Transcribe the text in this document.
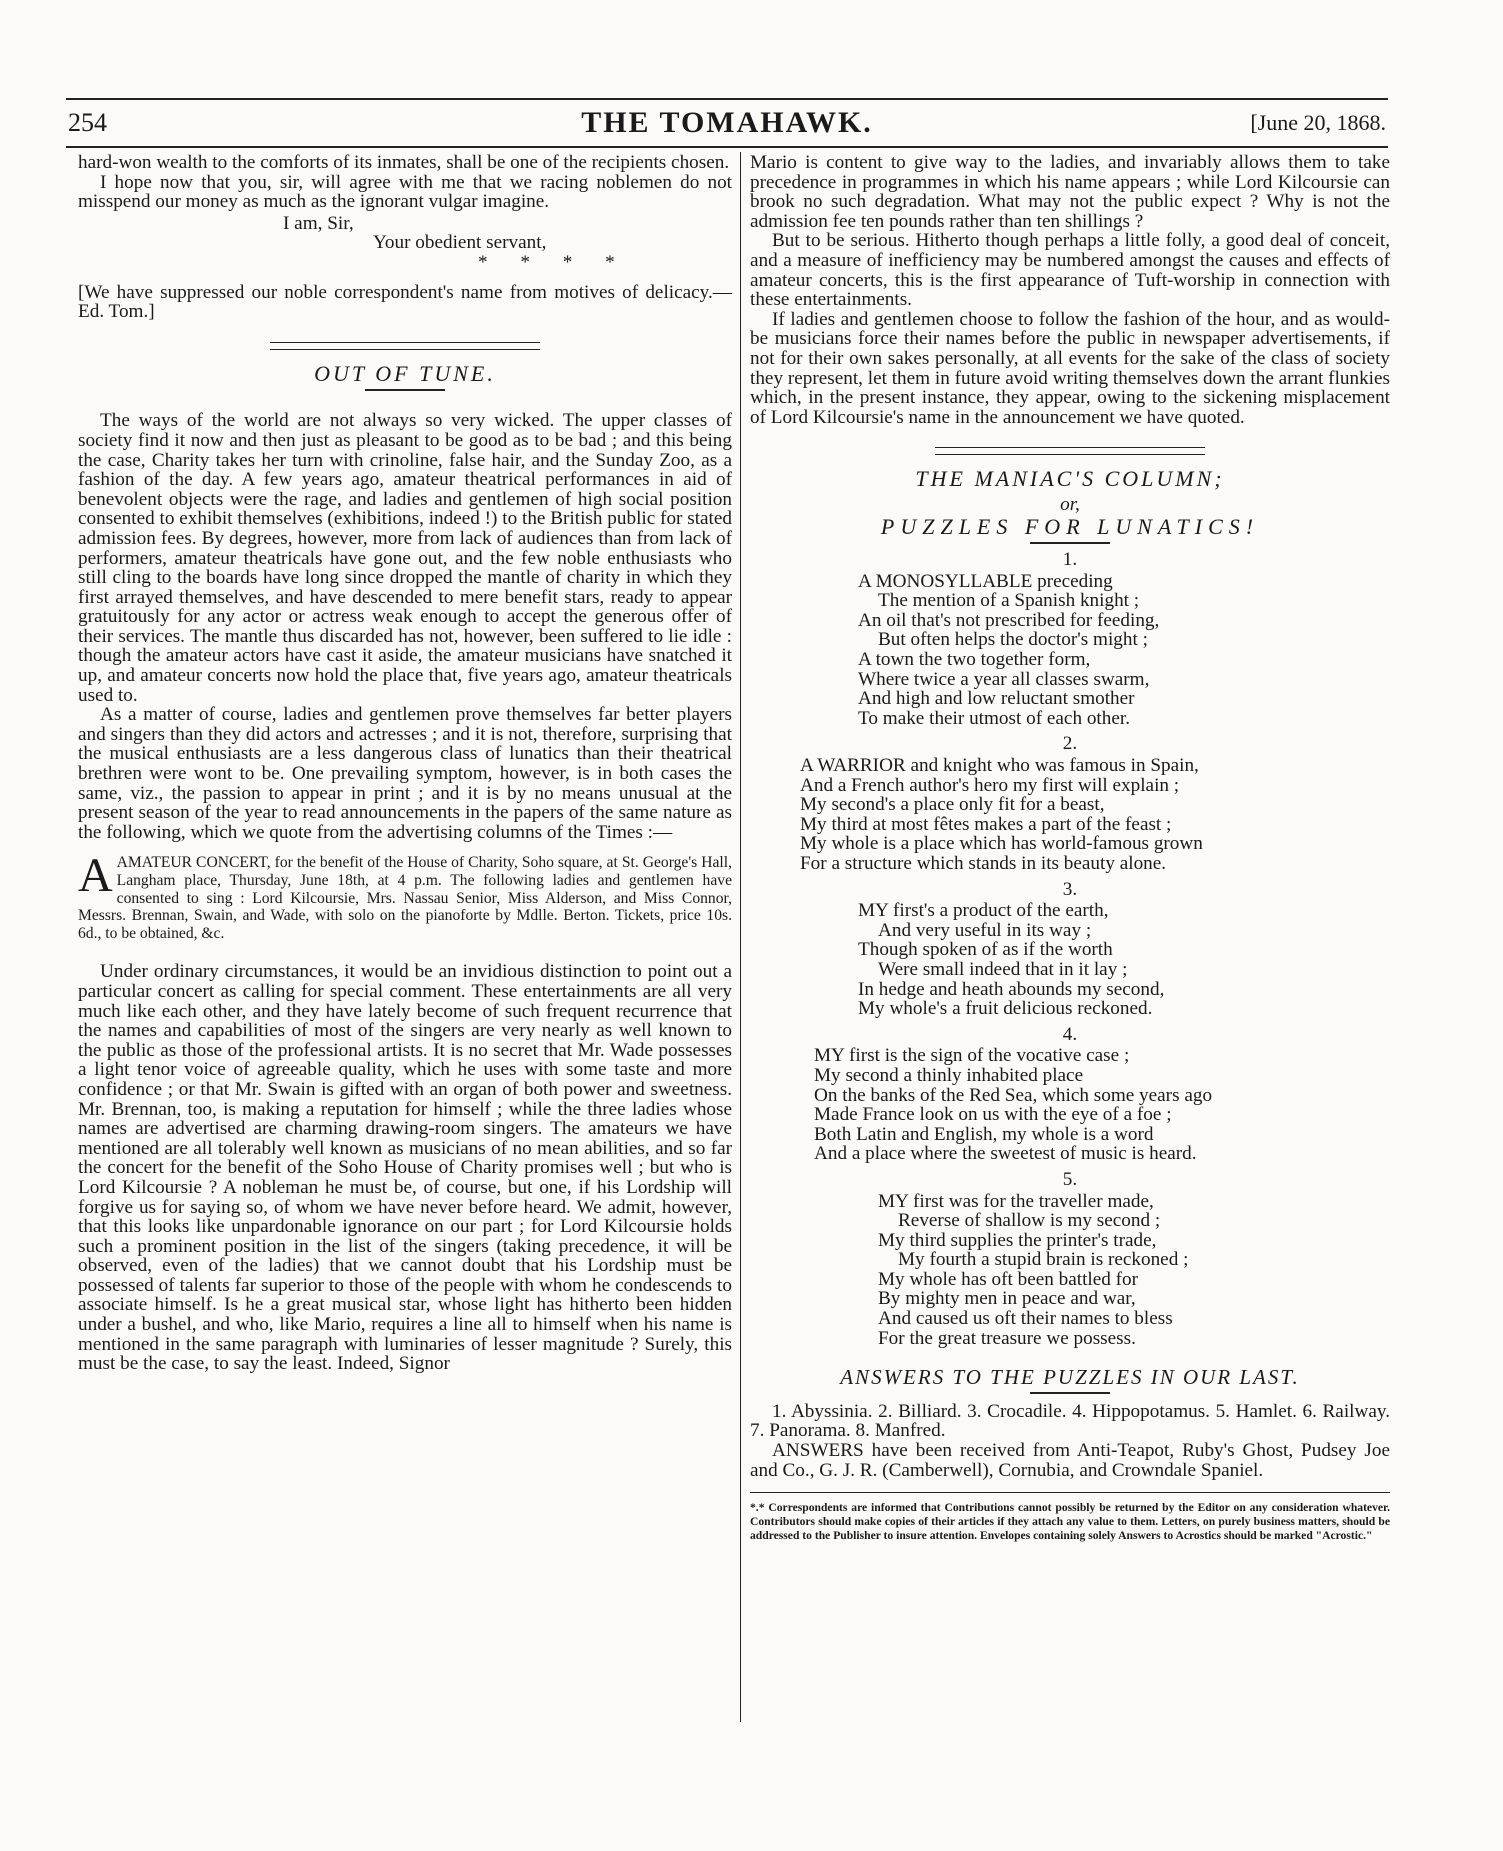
254	THE TOMAHAWK.	[June 20, 1868.

hard-won wealth to the comforts of its inmates, shall be one of the recipients chosen.

I hope now that you, sir, will agree with me that we racing noblemen do not misspend our money as much as the ignorant vulgar imagine.

I am, Sir,
Your obedient servant,
* * * *

[We have suppressed our noble correspondent's name from motives of delicacy.—Ed. Tom.]

OUT OF TUNE.

The ways of the world are not always so very wicked. The upper classes of society find it now and then just as pleasant to be good as to be bad ; and this being the case, Charity takes her turn with crinoline, false hair, and the Sunday Zoo, as a fashion of the day. A few years ago, amateur theatrical performances in aid of benevolent objects were the rage, and ladies and gentlemen of high social position consented to exhibit themselves (exhibitions, indeed !) to the British public for stated admission fees. By degrees, however, more from lack of audiences than from lack of performers, amateur theatricals have gone out, and the few noble enthusiasts who still cling to the boards have long since dropped the mantle of charity in which they first arrayed themselves, and have descended to mere benefit stars, ready to appear gratuitously for any actor or actress weak enough to accept the generous offer of their services. The mantle thus discarded has not, however, been suffered to lie idle : though the amateur actors have cast it aside, the amateur musicians have snatched it up, and amateur concerts now hold the place that, five years ago, amateur theatricals used to.

As a matter of course, ladies and gentlemen prove themselves far better players and singers than they did actors and actresses ; and it is not, therefore, surprising that the musical enthusiasts are a less dangerous class of lunatics than their theatrical brethren were wont to be. One prevailing symptom, however, is in both cases the same, viz., the passion to appear in print ; and it is by no means unusual at the present season of the year to read announcements in the papers of the same nature as the following, which we quote from the advertising columns of the Times :—

AAMATEUR CONCERT, for the benefit of the House of Charity, Soho square, at St. George's Hall, Langham place, Thursday, June 18th, at 4 p.m. The following ladies and gentlemen have consented to sing : Lord Kilcoursie, Mrs. Nassau Senior, Miss Alderson, and Miss Connor, Messrs. Brennan, Swain, and Wade, with solo on the pianoforte by Mdlle. Berton. Tickets, price 10s. 6d., to be obtained, &c.

Under ordinary circumstances, it would be an invidious distinction to point out a particular concert as calling for special comment. These entertainments are all very much like each other, and they have lately become of such frequent recurrence that the names and capabilities of most of the singers are very nearly as well known to the public as those of the professional artists. It is no secret that Mr. Wade possesses a light tenor voice of agreeable quality, which he uses with some taste and more confidence ; or that Mr. Swain is gifted with an organ of both power and sweetness. Mr. Brennan, too, is making a reputation for himself ; while the three ladies whose names are advertised are charming drawing-room singers. The amateurs we have mentioned are all tolerably well known as musicians of no mean abilities, and so far the concert for the benefit of the Soho House of Charity promises well ; but who is Lord Kilcoursie ? A nobleman he must be, of course, but one, if his Lordship will forgive us for saying so, of whom we have never before heard. We admit, however, that this looks like unpardonable ignorance on our part ; for Lord Kilcoursie holds such a prominent position in the list of the singers (taking precedence, it will be observed, even of the ladies) that we cannot doubt that his Lordship must be possessed of talents far superior to those of the people with whom he condescends to associate himself. Is he a great musical star, whose light has hitherto been hidden under a bushel, and who, like Mario, requires a line all to himself when his name is mentioned in the same paragraph with luminaries of lesser magnitude ? Surely, this must be the case, to say the least. Indeed, Signor

Mario is content to give way to the ladies, and invariably allows them to take precedence in programmes in which his name appears ; while Lord Kilcoursie can brook no such degradation. What may not the public expect ? Why is not the admission fee ten pounds rather than ten shillings ?

But to be serious. Hitherto though perhaps a little folly, a good deal of conceit, and a measure of inefficiency may be numbered amongst the causes and effects of amateur concerts, this is the first appearance of Tuft-worship in connection with these entertainments.

If ladies and gentlemen choose to follow the fashion of the hour, and as would-be musicians force their names before the public in newspaper advertisements, if not for their own sakes personally, at all events for the sake of the class of society they represent, let them in future avoid writing themselves down the arrant flunkies which, in the present instance, they appear, owing to the sickening misplacement of Lord Kilcoursie's name in the announcement we have quoted.

THE MANIAC'S COLUMN;
or,
PUZZLES FOR LUNATICS!
1.
A MONOSYLLABLE preceding
The mention of a Spanish knight ;
An oil that's not prescribed for feeding,
But often helps the doctor's might ;
A town the two together form,
Where twice a year all classes swarm,
And high and low reluctant smother
To make their utmost of each other.
2.
A WARRIOR and knight who was famous in Spain,
And a French author's hero my first will explain ;
My second's a place only fit for a beast,
My third at most fêtes makes a part of the feast ;
My whole is a place which has world-famous grown
For a structure which stands in its beauty alone.
3.
MY first's a product of the earth,
And very useful in its way ;
Though spoken of as if the worth
Were small indeed that in it lay ;
In hedge and heath abounds my second,
My whole's a fruit delicious reckoned.
4.
MY first is the sign of the vocative case ;
My second a thinly inhabited place
On the banks of the Red Sea, which some years ago
Made France look on us with the eye of a foe ;
Both Latin and English, my whole is a word
And a place where the sweetest of music is heard.
5.
MY first was for the traveller made,
Reverse of shallow is my second ;
My third supplies the printer's trade,
My fourth a stupid brain is reckoned ;
My whole has oft been battled for
By mighty men in peace and war,
And caused us oft their names to bless
For the great treasure we possess.
ANSWERS TO THE PUZZLES IN OUR LAST.

1. Abyssinia. 2. Billiard. 3. Crocadile. 4. Hippopotamus. 5. Hamlet. 6. Railway. 7. Panorama. 8. Manfred.

ANSWERS have been received from Anti-Teapot, Ruby's Ghost, Pudsey Joe and Co., G. J. R. (Camberwell), Cornubia, and Crowndale Spaniel.

*.* Correspondents are informed that Contributions cannot possibly be returned by the Editor on any consideration whatever. Contributors should make copies of their articles if they attach any value to them. Letters, on purely business matters, should be addressed to the Publisher to insure attention. Envelopes containing solely Answers to Acrostics should be marked "Acrostic."
